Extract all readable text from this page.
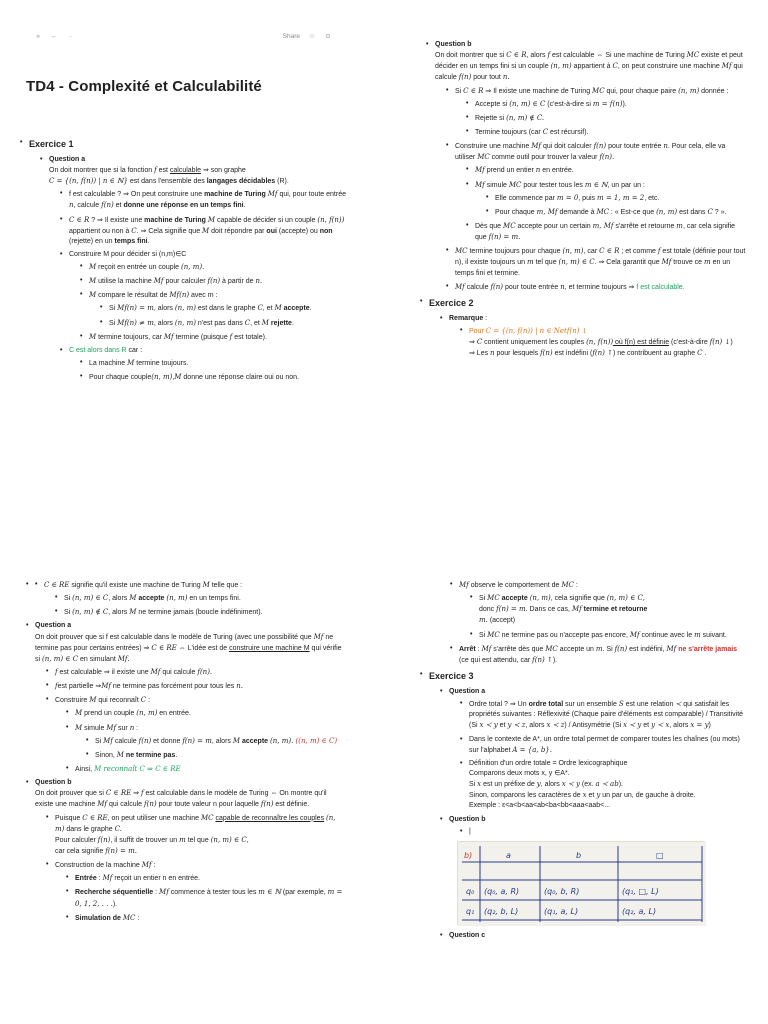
»	← →	Share ☆ ⊙
TD4 - Complexité et Calculabilité
• Exercice 1
• Question a
On doit montrer que si la fonction f est calculable ⇒ son graphe
C = {(n, f(n)) | n ∈ ℕ} est dans l'ensemble des langages décidables (R).
• f est calculable ? ⇒ On peut construire une machine de Turing Mf qui, pour toute entrée n, calcule f(n) et donne une réponse en un temps fini.
• C ∈ R ? ⇒ Il existe une machine de Turing M capable de décider si un couple (n, f(n)) appartient ou non à C. ⇒ Cela signifie que M doit répondre par oui (accepte) ou non (rejette) en un temps fini.
• Construire M pour décider si (n,m)∈C
• M reçoit en entrée un couple (n, m).
• M utilise la machine Mf pour calculer f(n) à partir de n.
• M compare le résultat de Mf(n) avec m :
• Si Mf(n) = m, alors (n, m) est dans le graphe C, et M accepte.
• Si Mf(n) ≠ m, alors (n, m) n'est pas dans C, et M rejette.
• M termine toujours, car Mf termine (puisque f est totale).
• C est alors dans R car :
• La machine M termine toujours.
• Pour chaque couple(n, m),M donne une réponse claire oui ou non.
• Question b
On doit montrer que si C ∈ R, alors f est calculable ⇔ Si une machine de Turing MC existe et peut décider en un temps fini si un couple (n, m) appartient à C, on peut construire une machine Mf qui calcule f(n) pour tout n.
• Si C ∈ R ⇒ Il existe une machine de Turing MC qui, pour chaque paire (n, m) donnée :
• Accepte si (n, m) ∈ C (c'est-à-dire si m = f(n)).
• Rejette si (n, m) ∉ C.
• Termine toujours (car C est récursif).
• Construire une machine Mf qui doit calculer f(n) pour toute entrée n. Pour cela, elle va utiliser MC comme outil pour trouver la valeur f(n).
• Mf prend un entier n en entrée.
• Mf simule MC pour tester tous les m ∈ ℕ, un par un :
• Elle commence par m = 0, puis m = 1, m = 2, etc.
• Pour chaque m, Mf demande à MC : « Est-ce que (n, m) est dans C ? ».
• Dès que MC accepte pour un certain m, Mf s'arrête et retourne m, car cela signifie que f(n) = m.
• MC termine toujours pour chaque (n, m), car C ∈ R ; et comme f est totale (définie pour tout n), il existe toujours un m tel que (n, m) ∈ C. ⇒ Cela garantit que Mf trouve ce m en un temps fini et termine.
• Mf calcule f(n) pour toute entrée n, et termine toujours ⇒ f est calculable.
• Exercice 2
• Remarque :
• Pour C = {(n, f(n)) | n ∈ Netf(n) ↓
⇒ C contient uniquement les couples (n, f(n)) où f(n) est définie (c'est-à-dire f(n) ↓)
⇒ Les n pour lesquels f(n) est indéfini (f(n) ↑) ne contribuent au graphe C .
• • C ∈ RE signifie qu'il existe une machine de Turing M telle que :
• Si (n, m) ∈ C, alors M accepte (n, m) en un temps fini.
• Si (n, m) ∉ C, alors M ne termine jamais (boucle indéfiniment).
• Question a
On doit prouver que si f est calculable dans le modèle de Turing (avec une possibilité que Mf ne termine pas pour certains entrées) ⇒ C ∈ RE ⇔ L'idée est de construire une machine M qui vérifie si (n, m) ∈ C en simulant Mf.
• f est calculable ⇒ il existe une Mf qui calcule f(n).
• fest partielle ⇒Mf ne termine pas forcément pour tous les n.
• Construire M qui reconnaît C :
• M prend un couple (n, m) en entrée.
• M simule Mf sur n :
• Si Mf calcule f(n) et donne f(n) = m, alors M accepte (n, m). ((n, m) ∈ C)
• Sinon, M ne termine pas.
• Ainsi, M reconnaît C ⇒ C ∈ RE
• Question b
On doit prouver que si C ∈ RE ⇒ f est calculable dans le modèle de Turing ⇔ On montre qu'il existe une machine Mf qui calcule f(n) pour toute valeur n pour laquelle f(n) est définie.
• Puisque C ∈ RE, on peut utiliser une machine MC capable de reconnaître les couples (n, m) dans le graphe C.
Pour calculer f(n), il suffit de trouver un m tel que (n, m) ∈ C,
car cela signifie f(n) = m.
• Construction de la machine Mf :
• Entrée : Mf reçoit un entier n en entrée.
• Recherche séquentielle : Mf commence à tester tous les m ∈ ℕ (par exemple, m = 0, 1, 2, . . .).
• Simulation de MC :
• Mf observe le comportement de MC :
• Si MC accepte (n, m), cela signifie que (n, m) ∈ C,
donc f(n) = m. Dans ce cas, Mf termine et retourne
m. (accept)
• Si MC ne termine pas ou n'accepte pas encore, Mf continue avec le m suivant.
• Arrêt : Mf s'arrête dès que MC accepte un m. Si f(n) est indéfini, Mf ne s'arrête jamais (ce qui est attendu, car f(n) ↑).
• Exercice 3
• Question a
• Ordre total ? ⇒ Un ordre total sur un ensemble S est une relation ≺ qui satisfait les propriétés suivantes : Réflexivité (Chaque paire d'éléments est comparable) / Transitivité (Si x ≺ y et y ≺ z, alors x ≺ z) / Antisymétrie (Si x ≺ y et y ≺ x, alors x = y)
• Dans le contexte de A*, un ordre total permet de comparer toutes les chaînes (ou mots) sur l'alphabet A = {a, b}.
• Définition d'un ordre totale = Ordre lexicographique
Comparons deux mots x, y ∈A*.
Si x est un préfixe de y, alors x ≺ y (ex. a ≺ ab).
Sinon, comparons les caractères de x et y un par un, de gauche à droite.
Exemple : ε<a<b<aa<ab<ba<bb<aaa<aab<...
• Question b
• |
b)	a	b	□
q₀ (q₀, a, R)	(q₀, b, R)	(q₁, □, L)
q₁ (q₂, b, L)	(q₁, a, L)	(q₂, a, L)
• Question c
